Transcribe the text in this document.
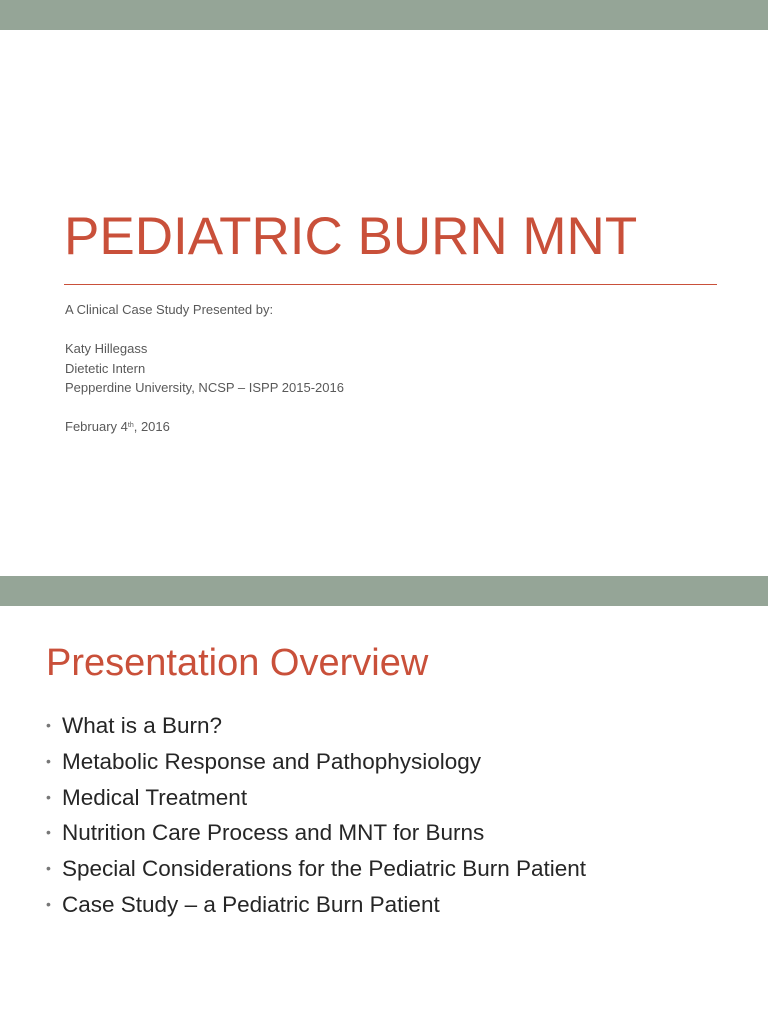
PEDIATRIC BURN MNT
A Clinical Case Study Presented by:
Katy Hillegass
Dietetic Intern
Pepperdine University, NCSP – ISPP 2015-2016
February 4th, 2016
Presentation Overview
• What is a Burn?
• Metabolic Response and Pathophysiology
• Medical Treatment
• Nutrition Care Process and MNT for Burns
• Special Considerations for the Pediatric Burn Patient
• Case Study – a Pediatric Burn Patient
